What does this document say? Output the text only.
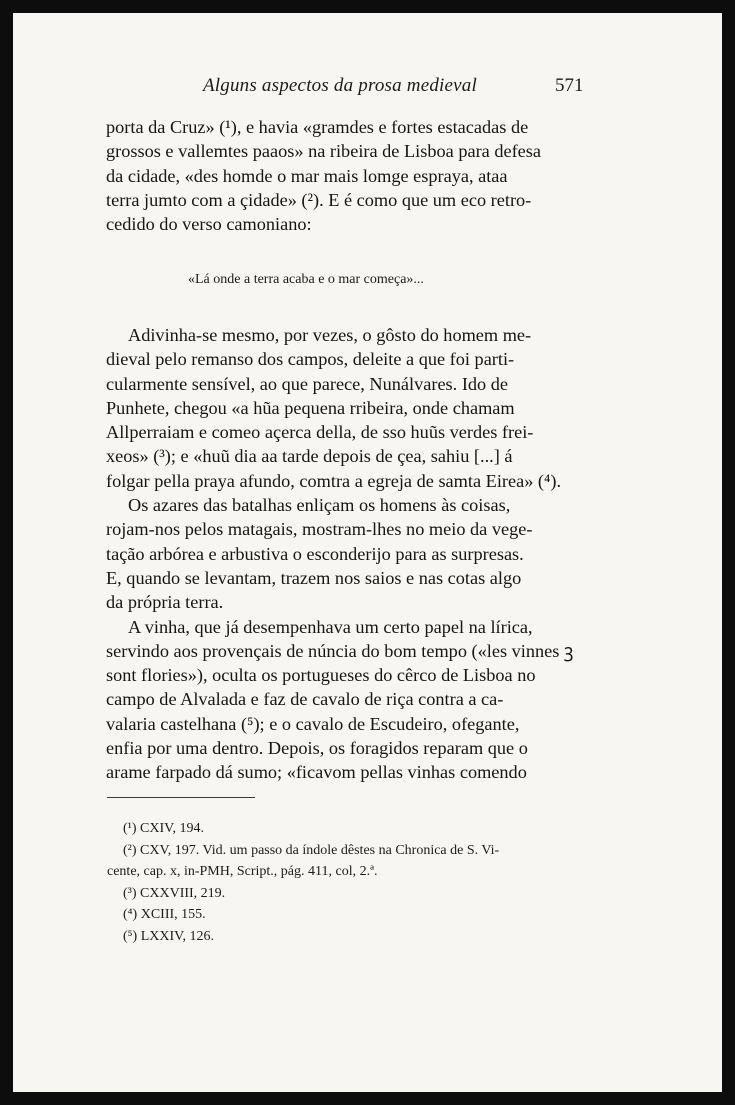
Alguns aspectos da prosa medieval	571
porta da Cruz» (¹), e havia «gramdes e fortes estacadas de
grossos e vallemtes paaos» na ribeira de Lisboa para defesa
da cidade, «des homde o mar mais lomge espraya, ataa
terra jumto com a çidade» (²). E é como que um eco retro-
cedido do verso camoniano:
«Lá onde a terra acaba e o mar começa»...
Adivinha-se mesmo, por vezes, o gôsto do homem me-
dieval pelo remanso dos campos, deleite a que foi parti-
cularmente sensível, ao que parece, Nunálvares. Ido de
Punhete, chegou «a hũa pequena rribeira, onde chamam
Allperraiam e comeo açerca della, de sso huũs verdes frei-
xeos» (³); e «huũ dia aa tarde depois de çea, sahiu [...] á
folgar pella praya afundo, comtra a egreja de samta Eirea» (⁴).
Os azares das batalhas enliçam os homens às coisas,
rojam-nos pelos matagais, mostram-lhes no meio da vege-
tação arbórea e arbustiva o esconderijo para as surpresas.
E, quando se levantam, trazem nos saios e nas cotas algo
da própria terra.
A vinha, que já desempenhava um certo papel na lírica,
servindo aos provençais de núncia do bom tempo («les vinnes ꝫ
sont flories»), oculta os portugueses do cêrco de Lisboa no
campo de Alvalada e faz de cavalo de riça contra a ca-
valaria castelhana (⁵); e o cavalo de Escudeiro, ofegante,
enfia por uma dentro. Depois, os foragidos reparam que o
arame farpado dá sumo; «ficavom pellas vinhas comendo
(¹) CXIV, 194.
(²) CXV, 197. Vid. um passo da índole dêstes na Chronica de S. Vi-
cente, cap. x, in-PMH, Script., pág. 411, col, 2.ª.
(³) CXXVIII, 219.
(⁴) XCIII, 155.
(⁵) LXXIV, 126.
